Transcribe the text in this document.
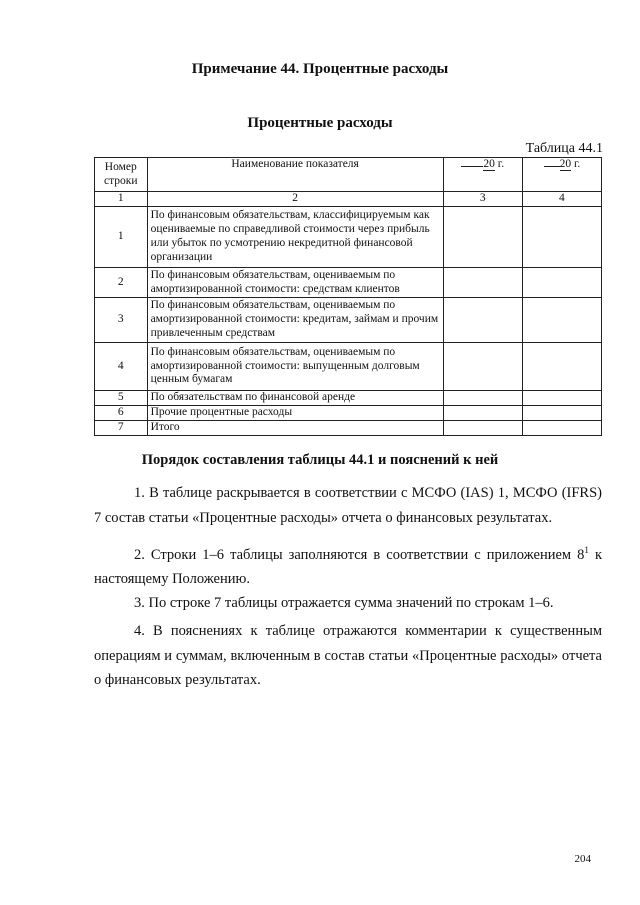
Примечание 44. Процентные расходы
Процентные расходы
Таблица 44.1
Номер строки	Наименование показателя	20 г.	20 г.
1	2	3	4
1	По финансовым обязательствам, классифицируемым как оцениваемые по справедливой стоимости через прибыль или убыток по усмотрению некредитной финансовой организации		
2	По финансовым обязательствам, оцениваемым по амортизированной стоимости: средствам клиентов		
3	По финансовым обязательствам, оцениваемым по амортизированной стоимости: кредитам, займам и прочим привлеченным средствам		
4	По финансовым обязательствам, оцениваемым по амортизированной стоимости: выпущенным долговым ценным бумагам		
5	По обязательствам по финансовой аренде		
6	Прочие процентные расходы		
7	Итого		
Порядок составления таблицы 44.1 и пояснений к ней

1. В таблице раскрывается в соответствии с МСФО (IAS) 1, МСФО (IFRS) 7 состав статьи «Процентные расходы» отчета о финансовых результатах.

2. Строки 1–6 таблицы заполняются в соответствии с приложением $8^1$ к настоящему Положению.

3. По строке 7 таблицы отражается сумма значений по строкам 1–6.

4. В пояснениях к таблице отражаются комментарии к существенным операциям и суммам, включенным в состав статьи «Процентные расходы» отчета о финансовых результатах.

204
